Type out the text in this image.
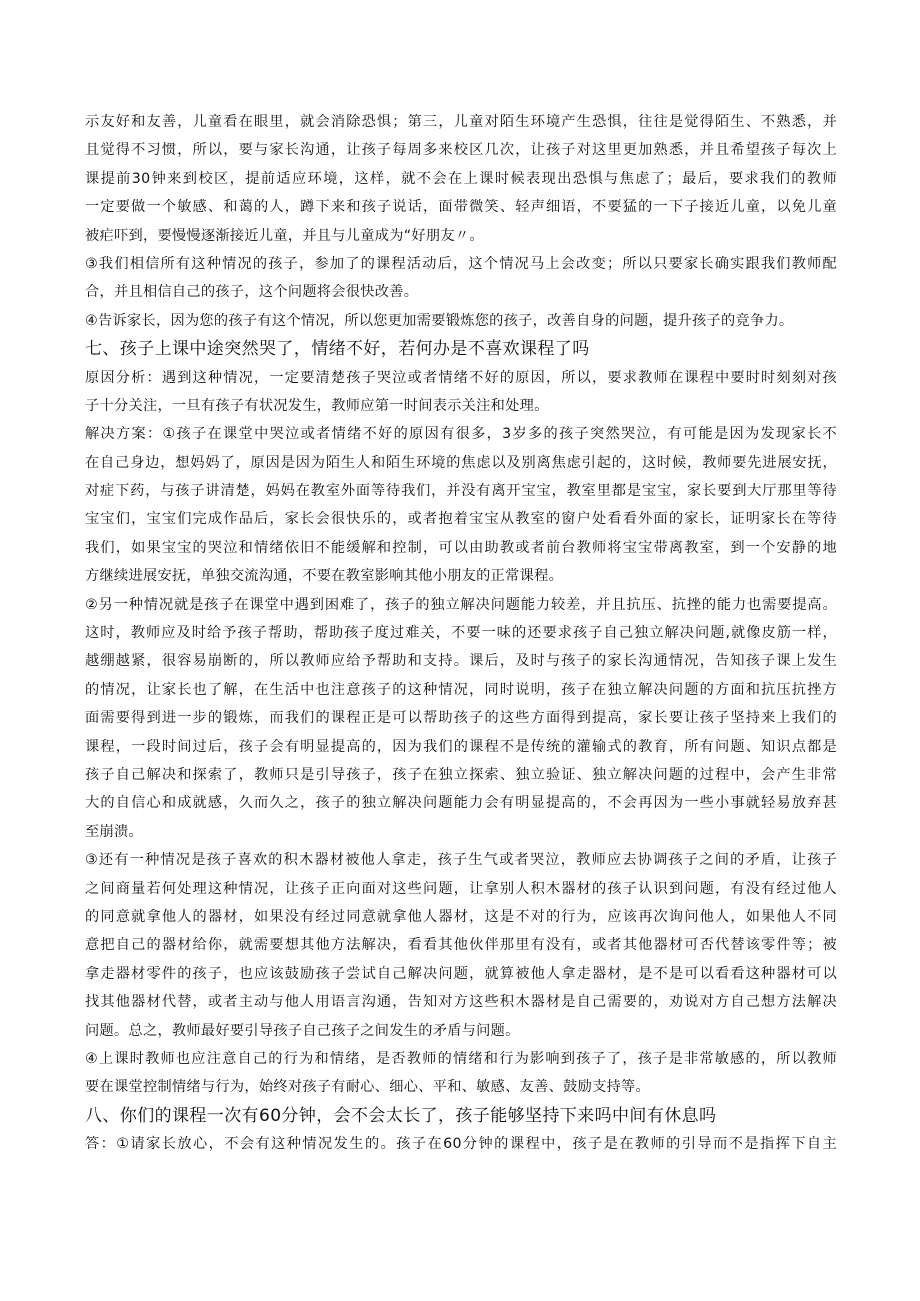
示友好和友善，儿童看在眼里，就会消除恐惧；第三，儿童对陌生环境产生恐惧，往往是觉得陌生、不熟悉，并
且觉得不习惯，所以，要与家长沟通，让孩子每周多来校区几次，让孩子对这里更加熟悉，并且希望孩子每次上
课提前30钟来到校区，提前适应环境，这样，就不会在上课时候表现出恐惧与焦虑了；最后，要求我们的教师
一定要做一个敏感、和蔼的人，蹲下来和孩子说话，面带微笑、轻声细语，不要猛的一下子接近儿童，以免儿童
被疟吓到，要慢慢逐渐接近儿童，并且与儿童成为“好朋友〃。
③我们相信所有这种情况的孩子，参加了的课程活动后，这个情况马上会改变；所以只要家长确实跟我们教师配
合，并且相信自己的孩子，这个问题将会很快改善。
④告诉家长，因为您的孩子有这个情况，所以您更加需要锻炼您的孩子，改善自身的问题，提升孩子的竞争力。
七、孩子上课中途突然哭了，情绪不好，若何办是不喜欢课程了吗
原因分析：遇到这种情况，一定要清楚孩子哭泣或者情绪不好的原因，所以，要求教师在课程中要时时刻刻对孩
子十分关注，一旦有孩子有状况发生，教师应第一时间表示关注和处理。
解决方案：①孩子在课堂中哭泣或者情绪不好的原因有很多，3岁多的孩子突然哭泣，有可能是因为发现家长不
在自己身边，想妈妈了，原因是因为陌生人和陌生环境的焦虑以及别离焦虑引起的，这时候，教师要先进展安抚，
对症下药，与孩子讲清楚，妈妈在教室外面等待我们，并没有离开宝宝，教室里都是宝宝，家长要到大厅那里等待
宝宝们，宝宝们完成作品后，家长会很快乐的，或者抱着宝宝从教室的窗户处看看外面的家长，证明家长在等待
我们，如果宝宝的哭泣和情绪依旧不能缓解和控制，可以由助教或者前台教师将宝宝带离教室，到一个安静的地
方继续进展安抚，单独交流沟通，不要在教室影响其他小朋友的正常课程。
②另一种情况就是孩子在课堂中遇到困难了，孩子的独立解决问题能力较差，并且抗压、抗挫的能力也需要提高。
这时，教师应及时给予孩子帮助，帮助孩子度过难关，不要一味的还要求孩子自己独立解决问题,就像皮筋一样，
越绷越紧，很容易崩断的，所以教师应给予帮助和支持。课后，及时与孩子的家长沟通情况，告知孩子课上发生
的情况，让家长也了解，在生活中也注意孩子的这种情况，同时说明，孩子在独立解决问题的方面和抗压抗挫方
面需要得到进一步的锻炼，而我们的课程正是可以帮助孩子的这些方面得到提高，家长要让孩子坚持来上我们的
课程，一段时间过后，孩子会有明显提高的，因为我们的课程不是传统的灌输式的教育，所有问题、知识点都是
孩子自己解决和探索了，教师只是引导孩子，孩子在独立探索、独立验证、独立解决问题的过程中，会产生非常
大的自信心和成就感，久而久之，孩子的独立解决问题能力会有明显提高的，不会再因为一些小事就轻易放弃甚
至崩溃。
③还有一种情况是孩子喜欢的积木器材被他人拿走，孩子生气或者哭泣，教师应去协调孩子之间的矛盾，让孩子
之间商量若何处理这种情况，让孩子正向面对这些问题，让拿别人积木器材的孩子认识到问题，有没有经过他人
的同意就拿他人的器材，如果没有经过同意就拿他人器材，这是不对的行为，应该再次询问他人，如果他人不同
意把自己的器材给你，就需要想其他方法解决，看看其他伙伴那里有没有，或者其他器材可否代替该零件等；被
拿走器材零件的孩子，也应该鼓励孩子尝试自己解决问题，就算被他人拿走器材，是不是可以看看这种器材可以
找其他器材代替，或者主动与他人用语言沟通，告知对方这些积木器材是自己需要的，劝说对方自己想方法解决
问题。总之，教师最好要引导孩子自己孩子之间发生的矛盾与问题。
④上课时教师也应注意自己的行为和情绪，是否教师的情绪和行为影响到孩子了，孩子是非常敏感的，所以教师
要在课堂控制情绪与行为，始终对孩子有耐心、细心、平和、敏感、友善、鼓励支持等。
八、你们的课程一次有60分钟，会不会太长了，孩子能够坚持下来吗中间有休息吗
答：①请家长放心，不会有这种情况发生的。孩子在60分钟的课程中，孩子是在教师的引导而不是指挥下自主
